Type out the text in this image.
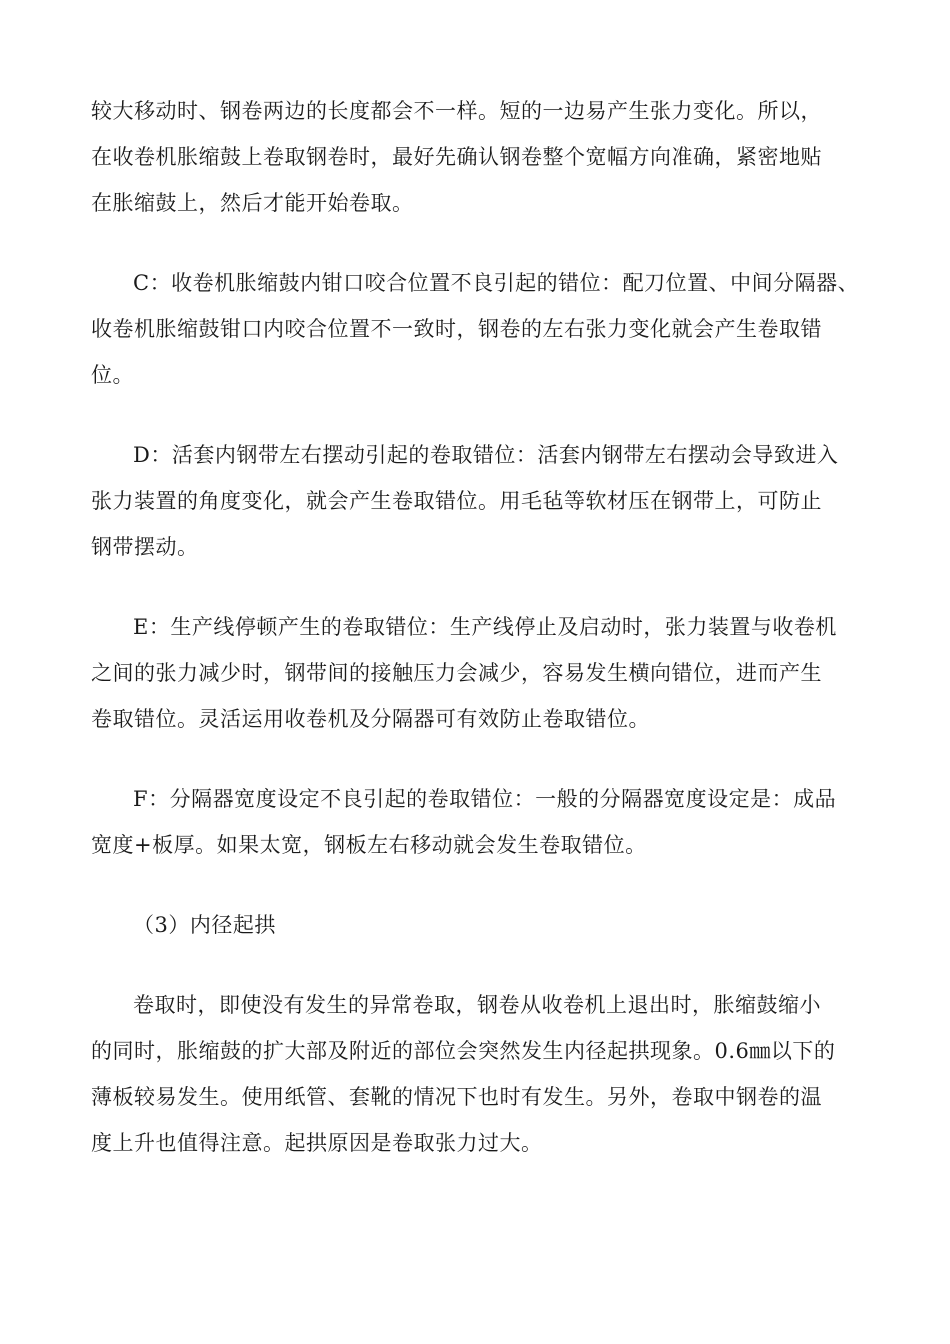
较大移动时、钢卷两边的长度都会不一样。短的一边易产生张力变化。所以，
在收卷机胀缩鼓上卷取钢卷时，最好先确认钢卷整个宽幅方向准确，紧密地贴
在胀缩鼓上，然后才能开始卷取。
C：收卷机胀缩鼓内钳口咬合位置不良引起的错位：配刀位置、中间分隔器、
收卷机胀缩鼓钳口内咬合位置不一致时，钢卷的左右张力变化就会产生卷取错
位。
D：活套内钢带左右摆动引起的卷取错位：活套内钢带左右摆动会导致进入
张力装置的角度变化，就会产生卷取错位。用毛毡等软材压在钢带上，可防止
钢带摆动。
E：生产线停顿产生的卷取错位：生产线停止及启动时，张力装置与收卷机
之间的张力减少时，钢带间的接触压力会减少，容易发生横向错位，进而产生
卷取错位。灵活运用收卷机及分隔器可有效防止卷取错位。
F：分隔器宽度设定不良引起的卷取错位：一般的分隔器宽度设定是：成品
宽度+板厚。如果太宽，钢板左右移动就会发生卷取错位。
（3）内径起拱
卷取时，即使没有发生的异常卷取，钢卷从收卷机上退出时，胀缩鼓缩小
的同时，胀缩鼓的扩大部及附近的部位会突然发生内径起拱现象。0.6㎜以下的
薄板较易发生。使用纸管、套靴的情况下也时有发生。另外，卷取中钢卷的温
度上升也值得注意。起拱原因是卷取张力过大。
